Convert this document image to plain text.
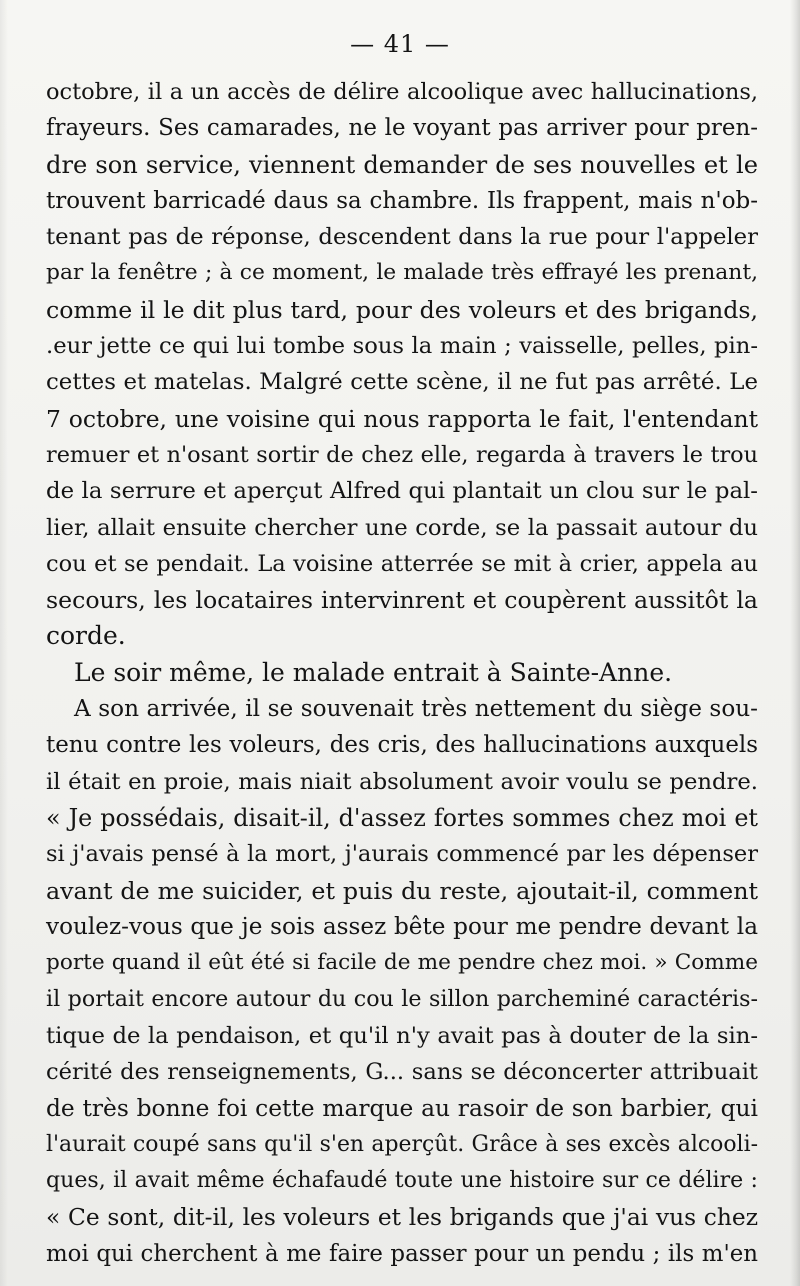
— 41 —
octobre, il a un accès de délire alcoolique avec hallucinations,
frayeurs. Ses camarades, ne le voyant pas arriver pour pren-
dre son service, viennent demander de ses nouvelles et le
trouvent barricadé daus sa chambre. Ils frappent, mais n'ob-
tenant pas de réponse, descendent dans la rue pour l'appeler
par la fenêtre ; à ce moment, le malade très effrayé les prenant,
comme il le dit plus tard, pour des voleurs et des brigands,
.eur jette ce qui lui tombe sous la main ; vaisselle, pelles, pin-
cettes et matelas. Malgré cette scène, il ne fut pas arrêté. Le
7 octobre, une voisine qui nous rapporta le fait, l'entendant
remuer et n'osant sortir de chez elle, regarda à travers le trou
de la serrure et aperçut Alfred qui plantait un clou sur le pal-
lier, allait ensuite chercher une corde, se la passait autour du
cou et se pendait. La voisine atterrée se mit à crier, appela au
secours, les locataires intervinrent et coupèrent aussitôt la
corde.
Le soir même, le malade entrait à Sainte-Anne.
A son arrivée, il se souvenait très nettement du siège sou-
tenu contre les voleurs, des cris, des hallucinations auxquels
il était en proie, mais niait absolument avoir voulu se pendre.
« Je possédais, disait-il, d'assez fortes sommes chez moi et
si j'avais pensé à la mort, j'aurais commencé par les dépenser
avant de me suicider, et puis du reste, ajoutait-il, comment
voulez-vous que je sois assez bête pour me pendre devant la
porte quand il eût été si facile de me pendre chez moi. » Comme
il portait encore autour du cou le sillon parcheminé caractéris-
tique de la pendaison, et qu'il n'y avait pas à douter de la sin-
cérité des renseignements, G... sans se déconcerter attribuait
de très bonne foi cette marque au rasoir de son barbier, qui
l'aurait coupé sans qu'il s'en aperçût. Grâce à ses excès alcooli-
ques, il avait même échafaudé toute une histoire sur ce délire :
« Ce sont, dit-il, les voleurs et les brigands que j'ai vus chez
moi qui cherchent à me faire passer pour un pendu ; ils m'en
